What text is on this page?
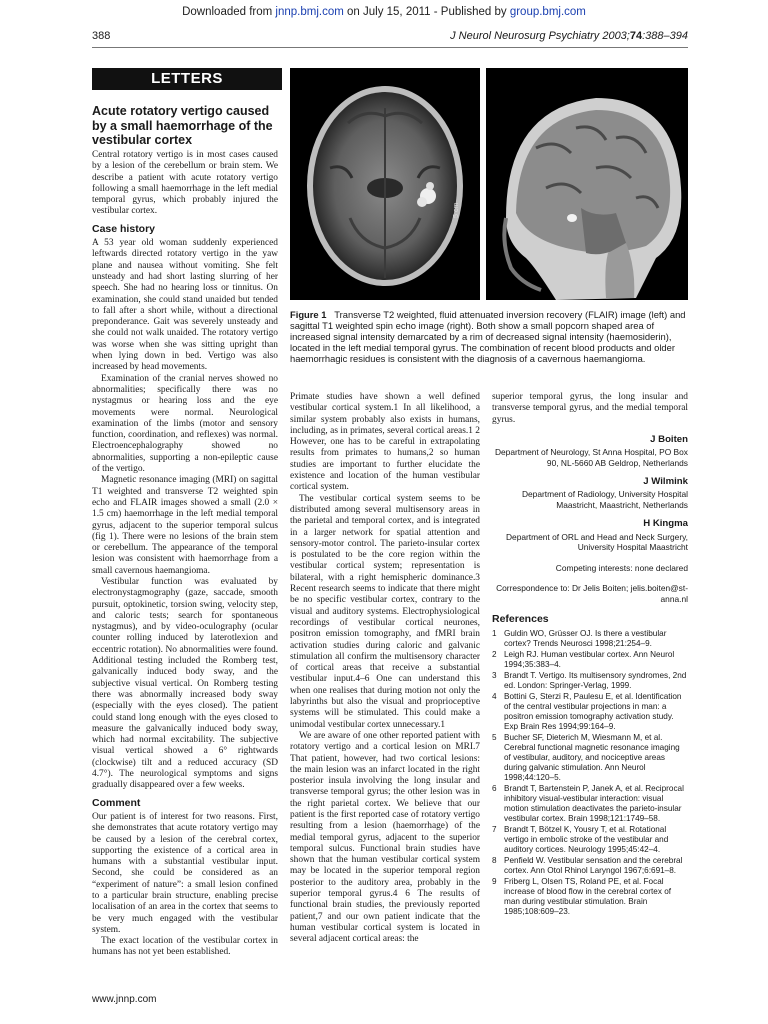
Downloaded from jnnp.bmj.com on July 15, 2011 - Published by group.bmj.com
388	J Neurol Neurosurg Psychiatry 2003;74:388–394
LETTERS
Acute rotatory vertigo caused by a small haemorrhage of the vestibular cortex

Central rotatory vertigo is in most cases caused by a lesion of the cerebellum or brain stem. We describe a patient with acute rotatory vertigo following a small haemorrhage in the left medial temporal gyrus, which probably injured the vestibular cortex.

Case history

A 53 year old woman suddenly experienced leftwards directed rotatory vertigo in the yaw plane and nausea without vomiting. She felt unsteady and had short lasting slurring of her speech. She had no hearing loss or tinnitus. On examination, she could stand unaided but tended to fall after a short while, without a directional preponderance. Gait was severely unsteady and she could not walk unaided. The rotatory vertigo was worse when she was sitting upright than when lying down in bed. Vertigo was also increased by head movements.

Examination of the cranial nerves showed no abnormalities; specifically there was no nystagmus or hearing loss and the eye movements were normal. Neurological examination of the limbs (motor and sensory function, coordination, and reflexes) was normal. Electroencephalography showed no abnormalities, supporting a non-epileptic cause of the vertigo.

Magnetic resonance imaging (MRI) on sagittal T1 weighted and transverse T2 weighted spin echo and FLAIR images showed a small (2.0 × 1.5 cm) haemorrhage in the left medial temporal gyrus, adjacent to the superior temporal sulcus (fig 1). There were no lesions of the brain stem or cerebellum. The appearance of the temporal lesion was consistent with haemorrhage from a small cavernous haemangioma.

Vestibular function was evaluated by electronystagmography (gaze, saccade, smooth pursuit, optokinetic, torsion swing, velocity step, and caloric tests; search for spontaneous nystagmus), and by video-oculography (ocular counter rolling induced by laterotlexion and eccentric rotation). No abnormalities were found. Additional testing included the Romberg test, galvanically induced body sway, and the subjective visual vertical. On Romberg testing there was abnormally increased body sway (especially with the eyes closed). The patient could stand long enough with the eyes closed to measure the galvanically induced body sway, which had normal excitability. The subjective visual vertical showed a 6° rightwards (clockwise) tilt and a reduced accuracy (SD 4.7°). The neurological symptoms and signs gradually disappeared over a few weeks.

Comment

Our patient is of interest for two reasons. First, she demonstrates that acute rotatory vertigo may be caused by a lesion of the cerebral cortex, supporting the existence of a cortical area in humans with a substantial vestibular input. Second, she could be considered as an “experiment of nature”: a small lesion confined to a particular brain structure, enabling precise localisation of an area in the cortex that seems to be very much engaged with the vestibular system.

The exact location of the vestibular cortex in humans has not yet been established.

5 cm
Figure 1 Transverse T2 weighted, fluid attenuated inversion recovery (FLAIR) image (left) and sagittal T1 weighted spin echo image (right). Both show a small popcorn shaped area of increased signal intensity demarcated by a rim of decreased signal intensity (haemosiderin), located in the left medial temporal gyrus. The combination of recent blood products and older haemorrhagic residues is consistent with the diagnosis of a cavernous haemangioma.

Primate studies have shown a well defined vestibular cortical system.1 In all likelihood, a similar system probably also exists in humans, including, as in primates, several cortical areas.1 2 However, one has to be careful in extrapolating results from primates to humans,2 so human studies are important to further elucidate the existence and location of the human vestibular cortical system.

The vestibular cortical system seems to be distributed among several multisensory areas in the parietal and temporal cortex, and is integrated in a larger network for spatial attention and sensory-motor control. The parieto-insular cortex is postulated to be the core region within the vestibular cortical system; representation is bilateral, with a right hemispheric dominance.3 Recent research seems to indicate that there might be no specific vestibular cortex, contrary to the visual and auditory systems. Electrophysiological recordings of vestibular cortical neurones, positron emission tomography, and fMRI brain activation studies during caloric and galvanic stimulation all confirm the multisensory character of cortical areas that receive a substantial vestibular input.4–6 One can understand this when one realises that during motion not only the labyrinths but also the visual and proprioceptive systems will be stimulated. This could make a unimodal vestibular cortex unnecessary.1

We are aware of one other reported patient with rotatory vertigo and a cortical lesion on MRI.7 That patient, however, had two cortical lesions: the main lesion was an infarct located in the right posterior insula involving the long insular and transverse temporal gyrus; the other lesion was in the right parietal cortex. We believe that our patient is the first reported case of rotatory vertigo resulting from a lesion (haemorrhage) of the medial temporal gyrus, adjacent to the superior temporal sulcus. Functional brain studies have shown that the human vestibular cortical system may be located in the superior temporal region posterior to the auditory area, probably in the superior temporal gyrus.4 6 The results of functional brain studies, the previously reported patient,7 and our own patient indicate that the human vestibular cortical system is located in several adjacent cortical areas: the

superior temporal gyrus, the long insular and transverse temporal gyrus, and the medial temporal gyrus.

J Boiten
Department of Neurology, St Anna Hospital, PO Box 90, NL-5660 AB Geldrop, Netherlands
J Wilmink
Department of Radiology, University Hospital Maastricht, Maastricht, Netherlands
H Kingma
Department of ORL and Head and Neck Surgery, University Hospital Maastricht
Competing interests: none declared
Correspondence to: Dr Jelis Boiten; jelis.boiten@st-anna.nl
References
1 Guldin WO, Grüsser OJ. Is there a vestibular cortex? Trends Neurosci 1998;21:254–9.
2 Leigh RJ. Human vestibular cortex. Ann Neurol 1994;35:383–4.
3 Brandt T. Vertigo. Its multisensory syndromes, 2nd ed. London: Springer-Verlag, 1999.
4 Bottini G, Sterzi R, Paulesu E, et al. Identification of the central vestibular projections in man: a positron emission tomography activation study. Exp Brain Res 1994;99:164–9.
5 Bucher SF, Dieterich M, Wiesmann M, et al. Cerebral functional magnetic resonance imaging of vestibular, auditory, and nociceptive areas during galvanic stimulation. Ann Neurol 1998;44:120–5.
6 Brandt T, Bartenstein P, Janek A, et al. Reciprocal inhibitory visual-vestibular interaction: visual motion stimulation deactivates the parieto-insular vestibular cortex. Brain 1998;121:1749–58.
7 Brandt T, Bötzel K, Yousry T, et al. Rotational vertigo in embolic stroke of the vestibular and auditory cortices. Neurology 1995;45:42–4.
8 Penfield W. Vestibular sensation and the cerebral cortex. Ann Otol Rhinol Laryngol 1967;6:691–8.
9 Friberg L, Olsen TS, Roland PE, et al. Focal increase of blood flow in the cerebral cortex of man during vestibular stimulation. Brain 1985;108:609–23.
www.jnnp.com
